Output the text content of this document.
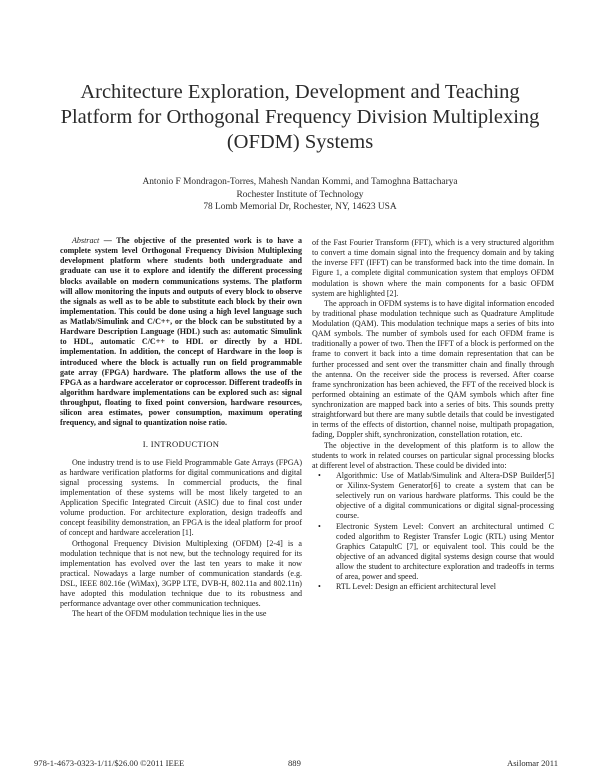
Architecture Exploration, Development and Teaching Platform for Orthogonal Frequency Division Multiplexing (OFDM) Systems
Antonio F Mondragon-Torres, Mahesh Nandan Kommi, and Tamoghna Battacharya
Rochester Institute of Technology
78 Lomb Memorial Dr, Rochester, NY, 14623 USA

Abstract — The objective of the presented work is to have a complete system level Orthogonal Frequency Division Multiplexing development platform where students both undergraduate and graduate can use it to explore and identify the different processing blocks available on modern communications systems. The platform will allow monitoring the inputs and outputs of every block to observe the signals as well as to be able to substitute each block by their own implementation. This could be done using a high level language such as Matlab/Simulink and C/C++, or the block can be substituted by a Hardware Description Language (HDL) such as: automatic Simulink to HDL, automatic C/C++ to HDL or directly by a HDL implementation. In addition, the concept of Hardware in the loop is introduced where the block is actually run on field programmable gate array (FPGA) hardware. The platform allows the use of the FPGA as a hardware accelerator or coprocessor. Different tradeoffs in algorithm hardware implementations can be explored such as: signal throughput, floating to fixed point conversion, hardware resources, silicon area estimates, power consumption, maximum operating frequency, and signal to quantization noise ratio.

I. INTRODUCTION

One industry trend is to use Field Programmable Gate Arrays (FPGA) as hardware verification platforms for digital communications and digital signal processing systems. In commercial products, the final implementation of these systems will be most likely targeted to an Application Specific Integrated Circuit (ASIC) due to final cost under volume production. For architecture exploration, design tradeoffs and concept feasibility demonstration, an FPGA is the ideal platform for proof of concept and hardware acceleration [1].

Orthogonal Frequency Division Multiplexing (OFDM) [2-4] is a modulation technique that is not new, but the technology required for its implementation has evolved over the last ten years to make it now practical. Nowadays a large number of communication standards (e.g. DSL, IEEE 802.16e (WiMax), 3GPP LTE, DVB-H, 802.11a and 802.11n) have adopted this modulation technique due to its robustness and performance advantage over other communication techniques.

The heart of the OFDM modulation technique lies in the use

of the Fast Fourier Transform (FFT), which is a very structured algorithm to convert a time domain signal into the frequency domain and by taking the inverse FFT (IFFT) can be transformed back into the time domain. In Figure 1, a complete digital communication system that employs OFDM modulation is shown where the main components for a basic OFDM system are highlighted [2].

The approach in OFDM systems is to have digital information encoded by traditional phase modulation technique such as Quadrature Amplitude Modulation (QAM). This modulation technique maps a series of bits into QAM symbols. The number of symbols used for each OFDM frame is traditionally a power of two. Then the IFFT of a block is performed on the frame to convert it back into a time domain representation that can be further processed and sent over the transmitter chain and finally through the antenna. On the receiver side the process is reversed. After coarse frame synchronization has been achieved, the FFT of the received block is performed obtaining an estimate of the QAM symbols which after fine synchronization are mapped back into a series of bits. This sounds pretty straightforward but there are many subtle details that could be investigated in terms of the effects of distortion, channel noise, multipath propagation, fading, Doppler shift, synchronization, constellation rotation, etc.

The objective in the development of this platform is to allow the students to work in related courses on particular signal processing blocks at different level of abstraction. These could be divided into:

• Algorithmic: Use of Matlab/Simulink and Altera-DSP Builder[5] or Xilinx-System Generator[6] to create a system that can be selectively run on various hardware platforms. This could be the objective of a digital communications or digital signal-processing course.
• Electronic System Level: Convert an architectural untimed C coded algorithm to Register Transfer Logic (RTL) using Mentor Graphics CatapultC [7], or equivalent tool. This could be the objective of an advanced digital systems design course that would allow the student to architecture exploration and tradeoffs in terms of area, power and speed.
• RTL Level: Design an efficient architectural level
978-1-4673-0323-1/11/$26.00 ©2011 IEEE	889	Asilomar 2011
